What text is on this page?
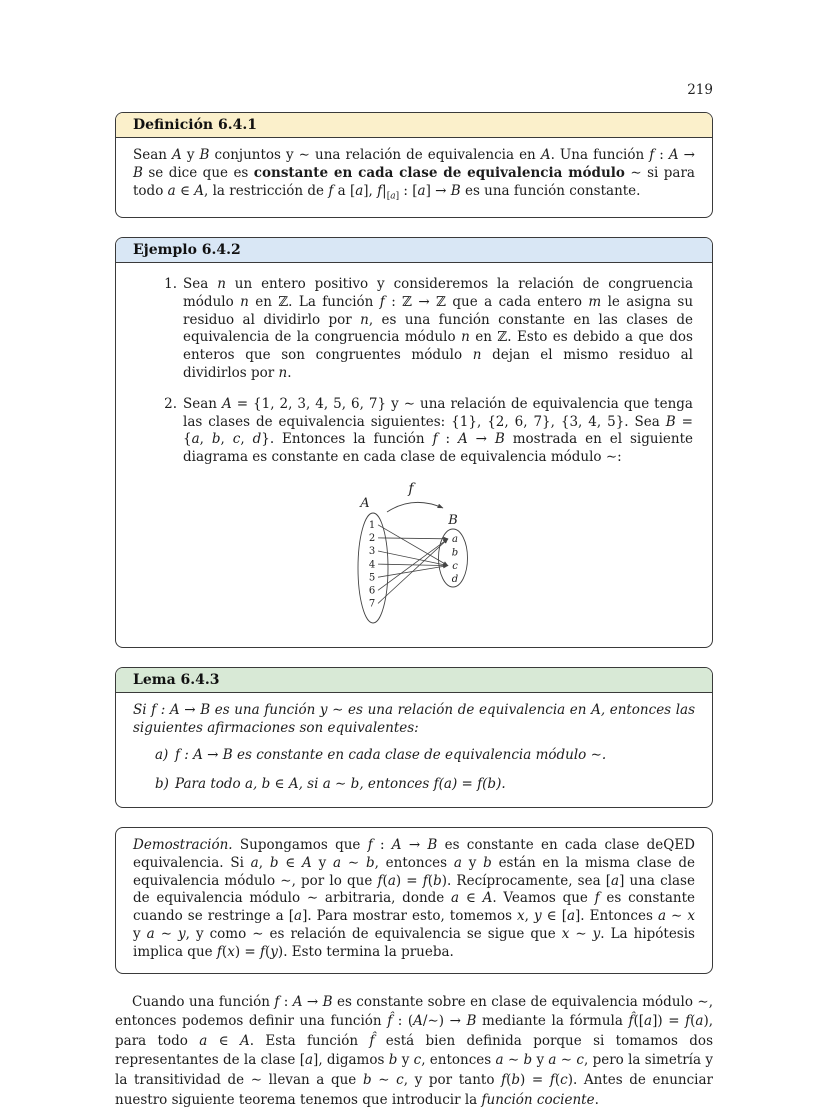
219
Definición 6.4.1
Sean A y B conjuntos y ∼ una relación de equivalencia en A. Una función f : A → B se dice que es constante en cada clase de equivalencia módulo ∼ si para todo a ∈ A, la restricción de f a [a], $f|_{[a]}$ : [a] → B es una función constante.
Ejemplo 6.4.2
1. Sea n un entero positivo y consideremos la relación de congruencia módulo n en ℤ. La función f : ℤ → ℤ que a cada entero m le asigna su residuo al dividirlo por n, es una función constante en las clases de equivalencia de la congruencia módulo n en ℤ. Esto es debido a que dos enteros que son congruentes módulo n dejan el mismo residuo al dividirlos por n.
2. Sean A = {1, 2, 3, 4, 5, 6, 7} y ∼ una relación de equivalencia que tenga las clases de equivalencia siguientes: {1}, {2, 6, 7}, {3, 4, 5}. Sea B = {a, b, c, d}. Entonces la función f : A → B mostrada en el siguiente diagrama es constante en cada clase de equivalencia módulo ∼:
f
A
B
1
2
3
4
5
6
7
a
b
c
d
Lema 6.4.3

Si f : A → B es una función y ∼ es una relación de equivalencia en A, entonces las siguientes afirmaciones son equivalentes:

a) f : A → B es constante en cada clase de equivalencia módulo ∼.
b) Para todo a, b ∈ A, si a ∼ b, entonces f(a) = f(b).

QED
Demostración. Supongamos que f : A → B es constante en cada clase de equivalencia. Si a, b ∈ A y a ∼ b, entonces a y b están en la misma clase de equivalencia módulo ∼, por lo que f(a) = f(b). Recíprocamente, sea [a] una clase de equivalencia módulo ∼ arbitraria, donde a ∈ A. Veamos que f es constante cuando se restringe a [a]. Para mostrar esto, tomemos x, y ∈ [a]. Entonces a ∼ x y a ∼ y, y como ∼ es relación de equivalencia se sigue que x ∼ y. La hipótesis implica que f(x) = f(y). Esto termina la prueba.

Cuando una función f : A → B es constante sobre en clase de equivalencia módulo ∼, entonces podemos definir una función f̂ : (A/∼) → B mediante la fórmula f̂([a]) = f(a), para todo a ∈ A. Esta función f̂ está bien definida porque si tomamos dos representantes de la clase [a], digamos b y c, entonces a ∼ b y a ∼ c, pero la simetría y la transitividad de ∼ llevan a que b ∼ c, y por tanto f(b) = f(c). Antes de enunciar nuestro siguiente teorema tenemos que introducir la función cociente.
